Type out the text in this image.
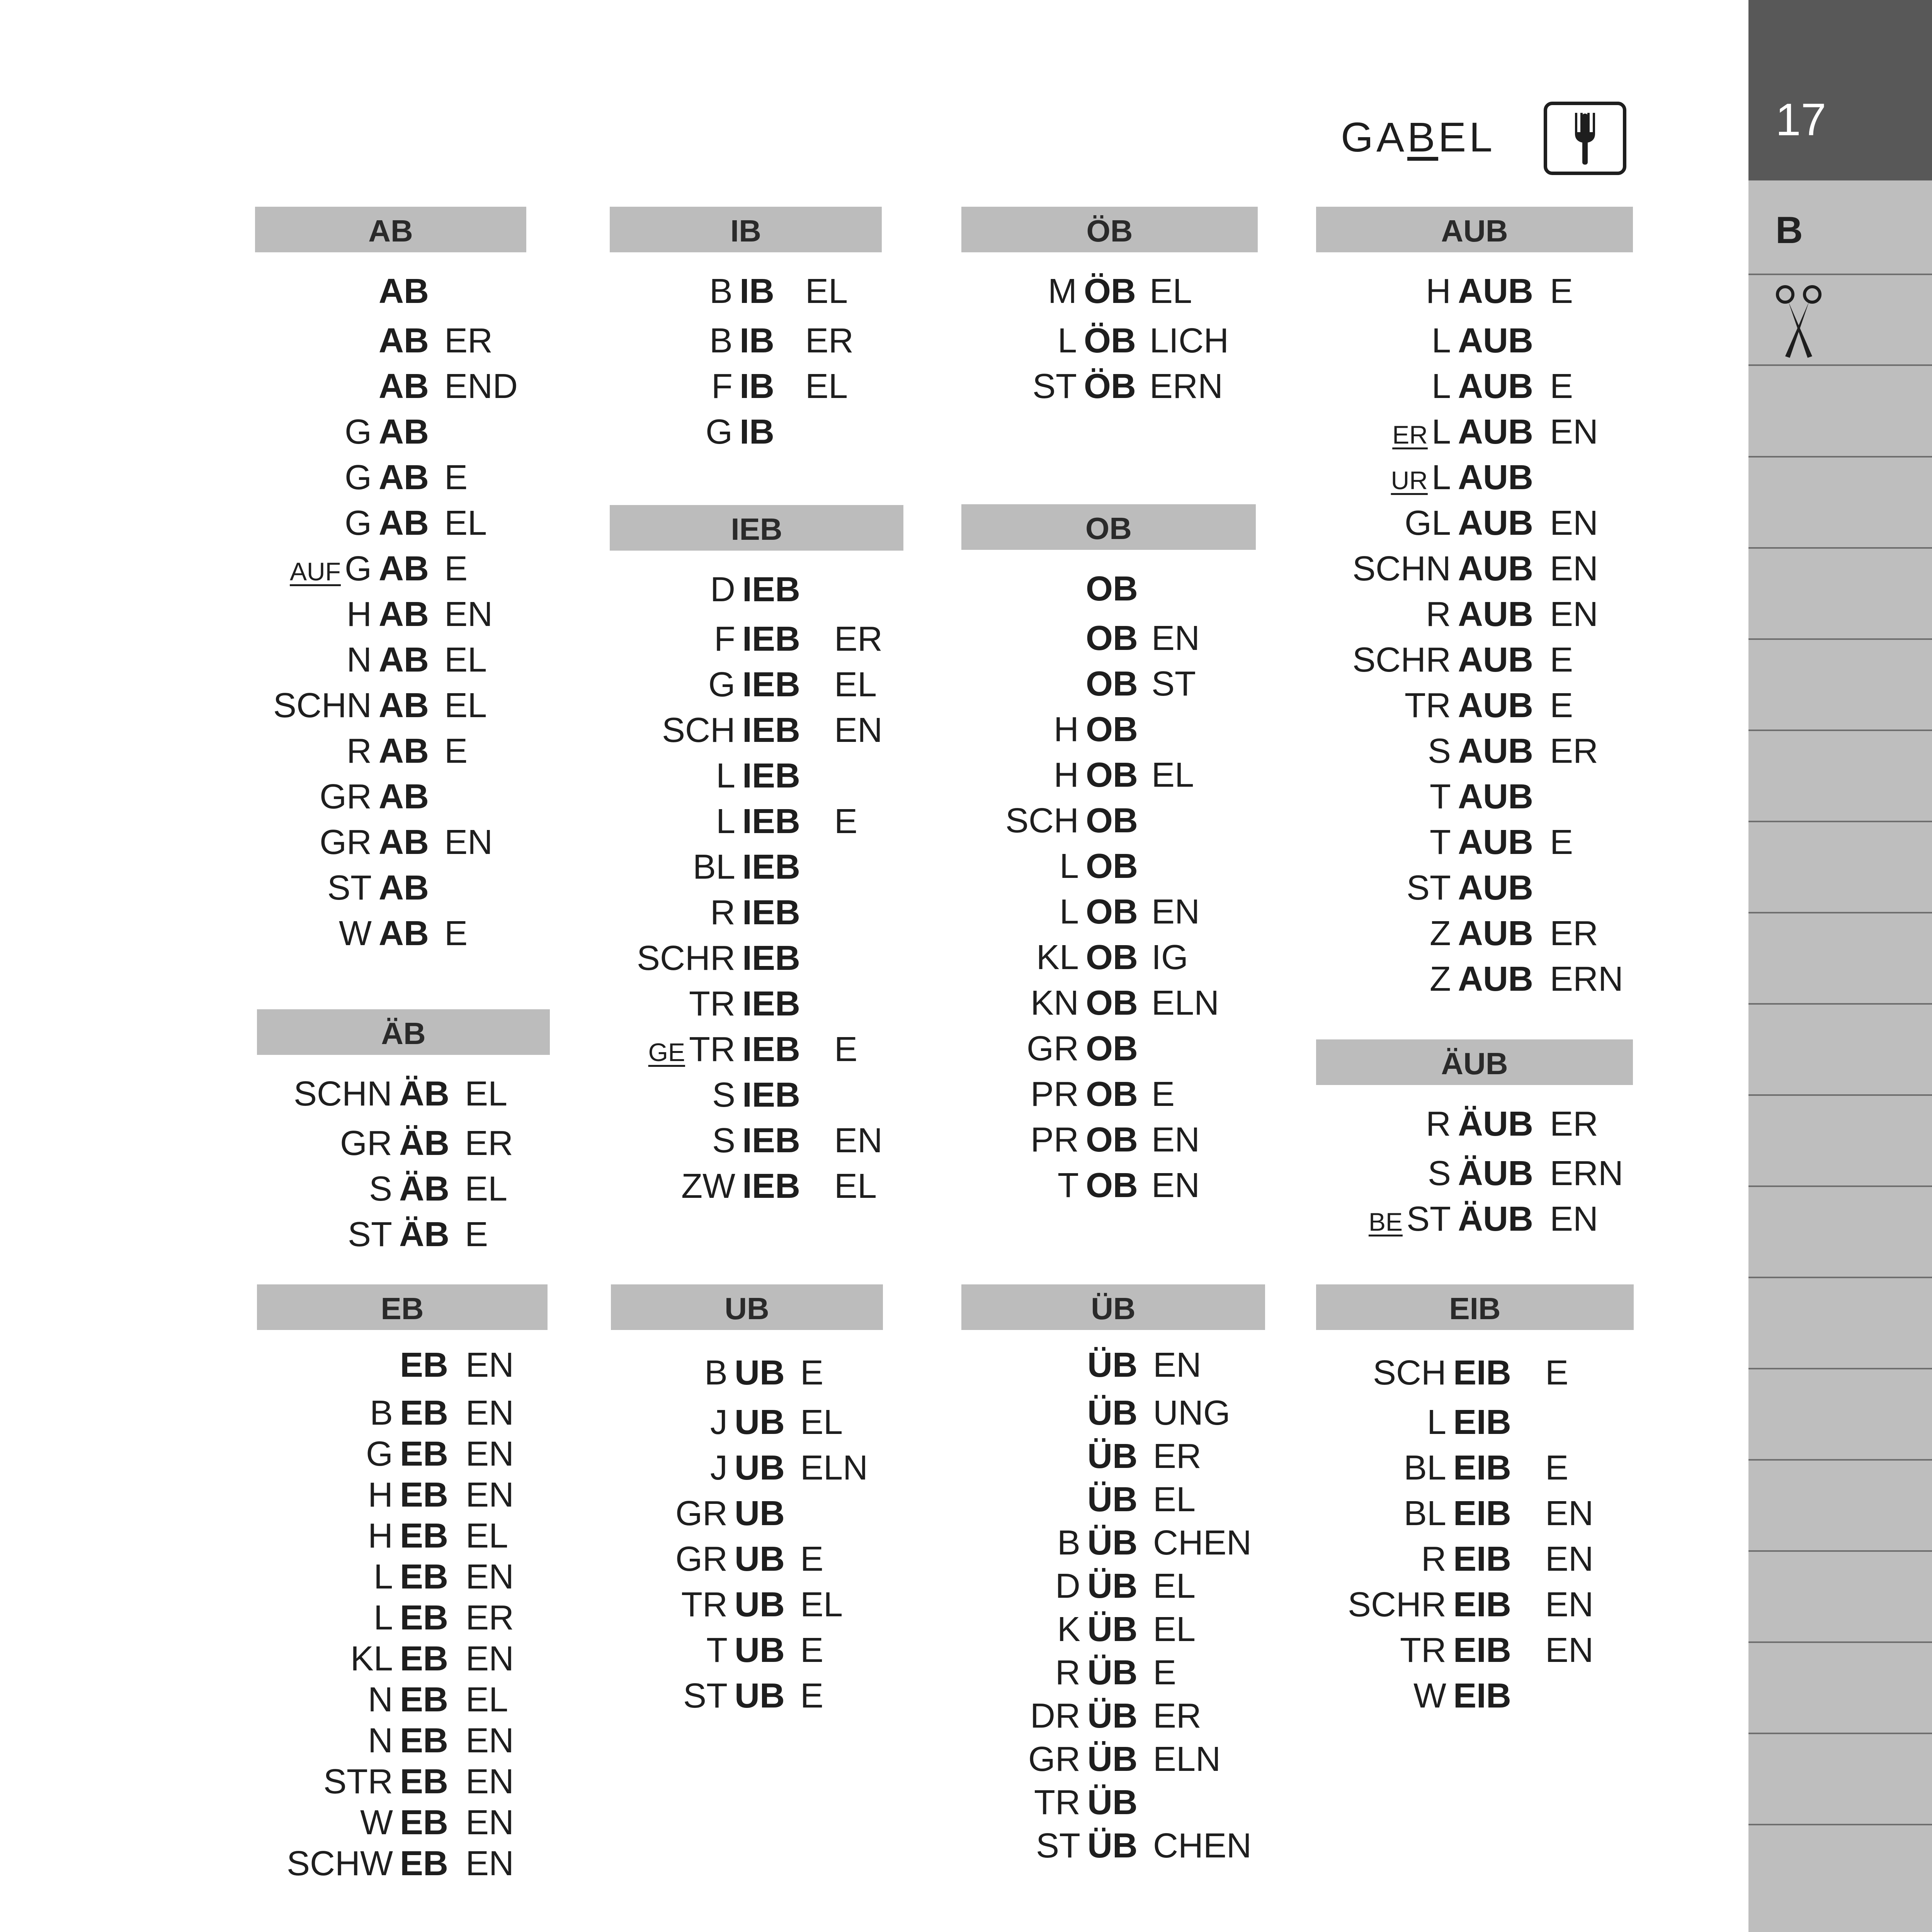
GABEL
AB
AB
AB ER
AB END
G AB
G AB E
G AB EL
AUF G AB E
H AB EN
N AB EL
SCHN AB EL
R AB E
GR AB
GR AB EN
ST AB
W AB E
ÄB
SCHN ÄB EL
GR ÄB ER
S ÄB EL
ST ÄB E
EB
EB EN
B EB EN
G EB EN
H EB EN
H EB EL
L EB EN
L EB ER
KL EB EN
N EB EL
N EB EN
STR EB EN
W EB EN
SCHW EB EN
IB
B IB EL
B IB ER
F IB EL
G IB
IEB
D IEB
F IEB ER
G IEB EL
SCH IEB EN
L IEB
L IEB E
BL IEB
R IEB
SCHR IEB
TR IEB
GE TR IEB E
S IEB
S IEB EN
ZW IEB EL
UB
B UB E
J UB EL
J UB ELN
GR UB
GR UB E
TR UB EL
T UB E
ST UB E
ÖB
M ÖB EL
L ÖB LICH
ST ÖB ERN
OB
OB
OB EN
OB ST
H OB
H OB EL
SCH OB
L OB
L OB EN
KL OB IG
KN OB ELN
GR OB
PR OB E
PR OB EN
T OB EN
ÜB
ÜB EN
ÜB UNG
ÜB ER
ÜB EL
B ÜB CHEN
D ÜB EL
K ÜB EL
R ÜB E
DR ÜB ER
GR ÜB ELN
TR ÜB
ST ÜB CHEN
AUB
H AUB E
L AUB
L AUB E
ER L AUB EN
UR L AUB
GL AUB EN
SCHN AUB EN
R AUB EN
SCHR AUB E
TR AUB E
S AUB ER
T AUB
T AUB E
ST AUB
Z AUB ER
Z AUB ERN
ÄUB
R ÄUB ER
S ÄUB ERN
BE ST ÄUB EN
EIB
SCH EIB E
L EIB
BL EIB E
BL EIB EN
R EIB EN
SCHR EIB EN
TR EIB EN
W EIB
17
B
